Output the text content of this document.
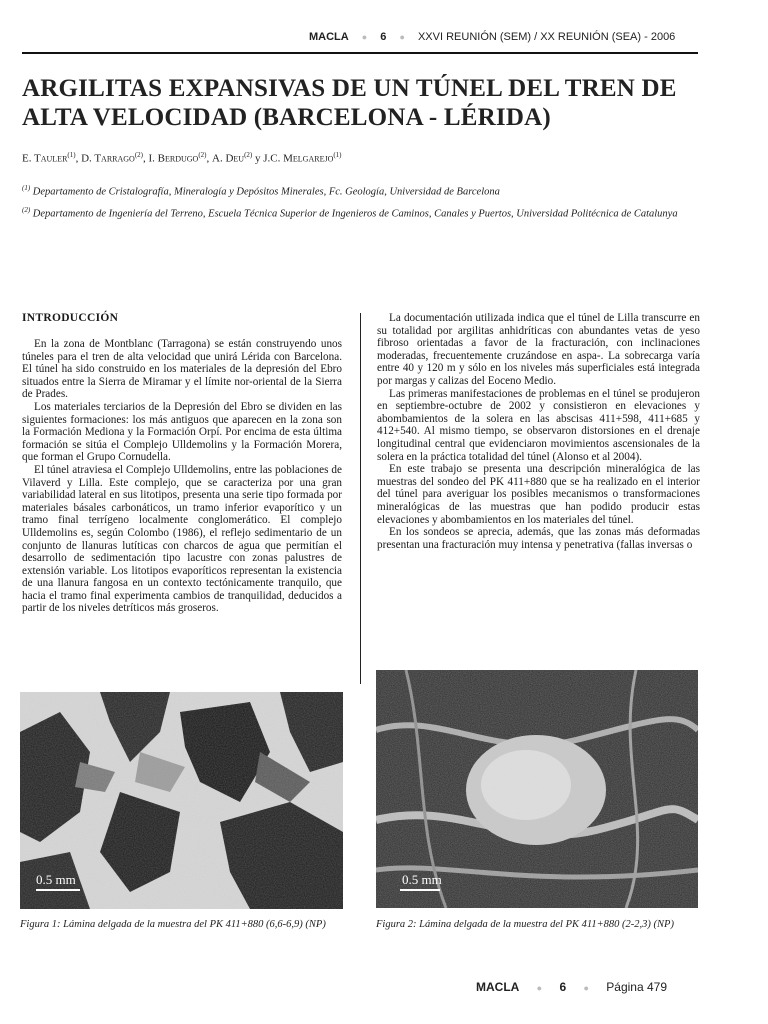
MACLA ● 6 ● XXVI REUNIÓN (SEM) / XX REUNIÓN (SEA) - 2006
ARGILITAS EXPANSIVAS DE UN TÚNEL DEL TREN DE
ALTA VELOCIDAD (BARCELONA - LÉRIDA)
E. Tauler$^{(1)}$, D. Tarrago$^{(2)}$, I. Berdugo$^{(2)}$, A. Deu$^{(2)}$ y J.C. Melgarejo$^{(1)}$
$^{(1)}$ Departamento de Cristalografía, Mineralogía y Depósitos Minerales, Fc. Geología, Universidad de Barcelona
$^{(2)}$ Departamento de Ingeniería del Terreno, Escuela Técnica Superior de Ingenieros de Caminos, Canales y Puertos, Universidad Politécnica de Catalunya
INTRODUCCIÓN

En la zona de Montblanc (Tarragona) se están construyendo unos túneles para el tren de alta velocidad que unirá Lérida con Barcelona. El túnel ha sido construido en los materiales de la depresión del Ebro situados entre la Sierra de Miramar y el límite nor-oriental de la Sierra de Prades.

Los materiales terciarios de la Depresión del Ebro se dividen en las siguientes formaciones: los más antiguos que aparecen en la zona son la Formación Mediona y la Formación Orpí. Por encima de esta última formación se sitúa el Complejo Ulldemolins y la Formación Morera, que forman el Grupo Cornudella.

El túnel atraviesa el Complejo Ulldemolins, entre las poblaciones de Vilaverd y Lilla. Este complejo, que se caracteriza por una gran variabilidad lateral en sus litotipos, presenta una serie tipo formada por materiales básales carbonáticos, un tramo inferior evaporítico y un tramo final terrígeno localmente conglomerático. El complejo Ulldemolins es, según Colombo (1986), el reflejo sedimentario de un conjunto de llanuras lutíticas con charcos de agua que permitían el desarrollo de sedimentación tipo lacustre con zonas palustres de extensión variable. Los litotipos evaporíticos representan la existencia de una llanura fangosa en un contexto tectónicamente tranquilo, que hacia el tramo final experimenta cambios de tranquilidad, deducidos a partir de los niveles detríticos más groseros.

La documentación utilizada indica que el túnel de Lilla transcurre en su totalidad por argilitas anhidríticas con abundantes vetas de yeso fibroso orientadas a favor de la fracturación, con inclinaciones moderadas, frecuentemente cruzándose en aspa-. La sobrecarga varía entre 40 y 120 m y sólo en los niveles más superficiales está integrada por margas y calizas del Eoceno Medio.

Las primeras manifestaciones de problemas en el túnel se produjeron en septiembre-octubre de 2002 y consistieron en elevaciones y abombamientos de la solera en las abscisas 411+598, 411+685 y 412+540. Al mismo tiempo, se observaron distorsiones en el drenaje longitudinal central que evidenciaron movimientos ascensionales de la solera en la práctica totalidad del túnel (Alonso et al 2004).

En este trabajo se presenta una descripción mineralógica de las muestras del sondeo del PK 411+880 que se ha realizado en el interior del túnel para averiguar los posibles mecanismos o transformaciones mineralógicas de las muestras que han podido producir estas elevaciones y abombamientos en los materiales del túnel.

En los sondeos se aprecia, además, que las zonas más deformadas presentan una fracturación muy intensa y penetrativa (fallas inversas o

0.5 mm
Figura 1: Lámina delgada de la muestra del PK 411+880 (6,6-6,9) (NP)
0.5 mm
Figura 2: Lámina delgada de la muestra del PK 411+880 (2-2,3) (NP)
MACLA ● 6 ● Página 479
